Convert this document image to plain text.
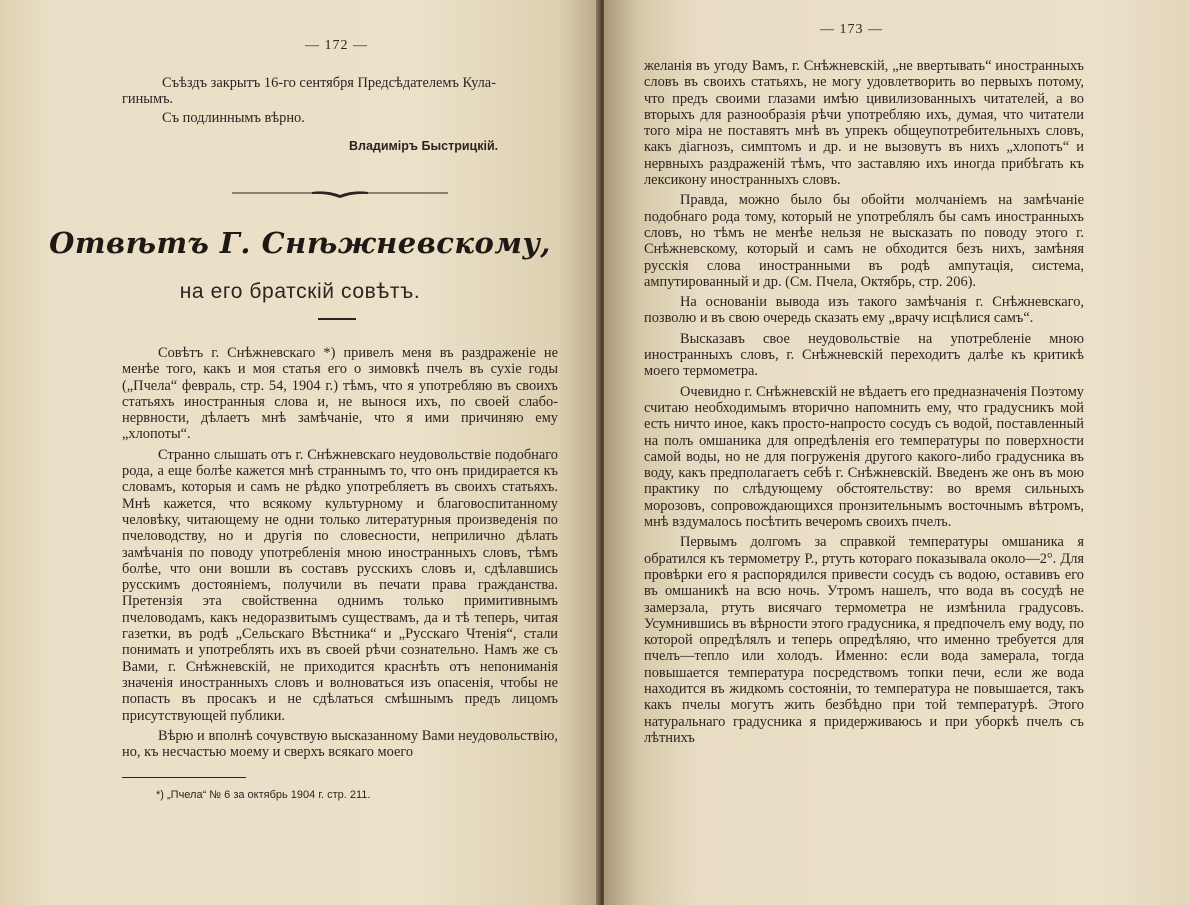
— 172 —
Съѣздъ закрытъ 16-го сентября Предсѣдателемъ Кула-
гинымъ.
Съ подлиннымъ вѣрно.
Владиміръ Быстрицкій.
Отвѣтъ Г. Снѣжневскому,
на его братскій совѣтъ.

Совѣтъ г. Снѣжневскаго *) привелъ меня въ раздраженіе не менѣе того, какъ и моя статья его о зимовкѣ пчелъ въ сухіе годы („Пчела“ февраль, стр. 54, 1904 г.) тѣмъ, что я употребляю въ своихъ статьяхъ иностранныя слова и, не вынося ихъ, по своей слабо-нервности, дѣлаетъ мнѣ замѣчаніе, что я ими причиняю ему „хлопоты“.

Странно слышать отъ г. Снѣжневскаго неудовольствіе подобнаго рода, а еще болѣе кажется мнѣ страннымъ то, что онъ придирается къ словамъ, которыя и самъ не рѣдко употребляетъ въ своихъ статьяхъ. Мнѣ кажется, что всякому культурному и благовоспитанному человѣку, читающему не одни только литературныя произведенія по пчеловодству, но и другія по словесности, неприлично дѣлать замѣчанія по поводу употребленія мною иностранныхъ словъ, тѣмъ болѣе, что они вошли въ составъ русскихъ словъ и, сдѣлавшись русскимъ достояніемъ, получили въ печати права гражданства. Претензія эта свойственна однимъ только примитивнымъ пчеловодамъ, какъ недоразвитымъ существамъ, да и тѣ теперь, читая газетки, въ родѣ „Сельскаго Вѣстника“ и „Русскаго Чтенія“, стали понимать и употреблять ихъ въ своей рѣчи сознательно. Намъ же съ Вами, г. Снѣжневскій, не приходится краснѣть отъ непониманія значенія иностранныхъ словъ и волноваться изъ опасенія, чтобы не попасть въ просакъ и не сдѣлаться смѣшнымъ предъ лицомъ присутствующей публики.

Вѣрю и вполнѣ сочувствую высказанному Вами неудовольствію, но, къ несчастью моему и сверхъ всякаго моего

*) „Пчела“ № 6 за октябрь 1904 г. стр. 211.
— 173 —

желанія въ угоду Вамъ, г. Снѣжневскій, „не ввертывать“ иностранныхъ словъ въ своихъ статьяхъ, не могу удовлетворить во первыхъ потому, что предъ своими глазами имѣю цивилизованныхъ читателей, а во вторыхъ для разнообразія рѣчи употребляю ихъ, думая, что читатели того міра не поставятъ мнѣ въ упрекъ общеупотребительныхъ словъ, какъ діагнозъ, симптомъ и др. и не вызовутъ въ нихъ „хлопотъ“ и нервныхъ раздраженій тѣмъ, что заставляю ихъ иногда прибѣгать къ лексикону иностранныхъ словъ.

Правда, можно было бы обойти молчаніемъ на замѣчаніе подобнаго рода тому, который не употреблялъ бы самъ иностранныхъ словъ, но тѣмъ не менѣе нельзя не высказать по поводу этого г. Снѣжневскому, который и самъ не обходится безъ нихъ, замѣняя русскія слова иностранными въ родѣ ампутація, система, ампутированный и др. (См. Пчела, Октябрь, стр. 206).

На основаніи вывода изъ такого замѣчанія г. Снѣжневскаго, позволю и въ свою очередь сказать ему „врачу исцѣлися самъ“.

Высказавъ свое неудовольствіе на употребленіе мною иностранныхъ словъ, г. Снѣжневскій переходитъ далѣе къ критикѣ моего термометра.

Очевидно г. Снѣжневскій не вѣдаетъ его предназначенія Поэтому считаю необходимымъ вторично напомнить ему, что градусникъ мой есть ничто иное, какъ просто-напросто сосудъ съ водой, поставленный на полъ омшаника для опредѣленія его температуры по поверхности самой воды, но не для погруженія другого какого-либо градусника въ воду, какъ предполагаетъ себѣ г. Снѣжневскій. Введенъ же онъ въ мою практику по слѣдующему обстоятельству: во время сильныхъ морозовъ, сопровождающихся пронзительнымъ восточнымъ вѣтромъ, мнѣ вздумалось посѣтить вечеромъ своихъ пчелъ.

Первымъ долгомъ за справкой температуры омшаника я обратился къ термометру Р., ртуть котораго показывала около—2°. Для провѣрки его я распорядился привести сосудъ съ водою, оставивъ его въ омшаникѣ на всю ночь. Утромъ нашелъ, что вода въ сосудѣ не замерзала, ртуть висячаго термометра не измѣнила градусовъ. Усумнившись въ вѣрности этого градусника, я предпочелъ ему воду, по которой опредѣлялъ и теперь опредѣляю, что именно требуется для пчелъ—тепло или холодъ. Именно: если вода замерала, тогда повышается температура посредствомъ топки печи, если же вода находится въ жидкомъ состояніи, то температура не повышается, такъ какъ пчелы могутъ жить безбѣдно при той температурѣ. Этого натуральнаго градусника я придерживаюсь и при уборкѣ пчелъ съ лѣтнихъ
